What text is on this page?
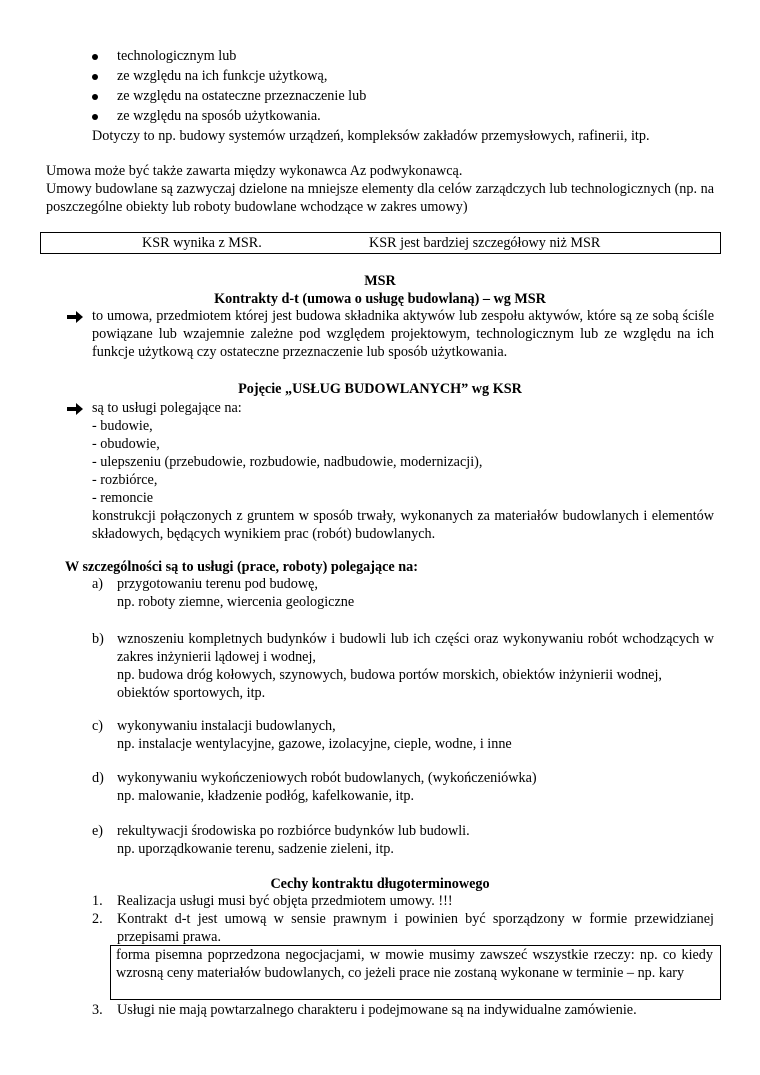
technologicznym lub
ze względu na ich funkcje użytkową,
ze względu na ostateczne przeznaczenie lub
ze względu na sposób użytkowania.
Dotyczy to np. budowy systemów urządzeń, kompleksów zakładów przemysłowych, rafinerii, itp.
Umowa może być także zawarta między wykonawca Az podwykonawcą.
Umowy budowlane są zazwyczaj dzielone na mniejsze elementy dla celów zarządczych lub technologicznych (np. na poszczególne obiekty lub roboty budowlane wchodzące w zakres umowy)
KSR wynika z MSR.	KSR jest bardziej szczegółowy niż MSR
MSR
Kontrakty d-t (umowa o usługę budowlaną) – wg MSR
to umowa, przedmiotem której jest budowa składnika aktywów lub zespołu aktywów, które są ze sobą ściśle powiązane lub wzajemnie zależne pod względem projektowym, technologicznym lub ze względu na ich funkcje użytkową czy ostateczne przeznaczenie lub sposób użytkowania.
Pojęcie „USŁUG BUDOWLANYCH” wg KSR
są to usługi polegające na:
- budowie,
- obudowie,
- ulepszeniu (przebudowie, rozbudowie, nadbudowie, modernizacji),
- rozbiórce,
- remoncie
konstrukcji połączonych z gruntem w sposób trwały, wykonanych za materiałów budowlanych i elementów składowych, będących wynikiem prac (robót) budowlanych.
W szczególności są to usługi (prace, roboty) polegające na:
a) przygotowaniu terenu pod budowę,
np. roboty ziemne, wiercenia geologiczne
b) wznoszeniu kompletnych budynków i budowli lub ich części oraz wykonywaniu robót wchodzących w zakres inżynierii lądowej i wodnej,
np. budowa dróg kołowych, szynowych, budowa portów morskich, obiektów inżynierii wodnej, obiektów sportowych, itp.
c) wykonywaniu instalacji budowlanych,
np. instalacje wentylacyjne, gazowe, izolacyjne, cieple, wodne, i inne
d) wykonywaniu wykończeniowych robót budowlanych, (wykończeniówka)
np. malowanie, kładzenie podłóg, kafelkowanie, itp.
e) rekultywacji środowiska po rozbiórce budynków lub budowli.
np. uporządkowanie terenu, sadzenie zieleni, itp.
Cechy kontraktu długoterminowego
1. Realizacja usługi musi być objęta przedmiotem umowy. !!!
2. Kontrakt d-t jest umową w sensie prawnym i powinien być sporządzony w formie przewidzianej przepisami prawa.
forma pisemna poprzedzona negocjacjami, w mowie musimy zawszeć wszystkie rzeczy: np. co kiedy wzrosną ceny materiałów budowlanych, co jeżeli prace nie zostaną wykonane w terminie – np. kary
3. Usługi nie mają powtarzalnego charakteru i podejmowane są na indywidualne zamówienie.
